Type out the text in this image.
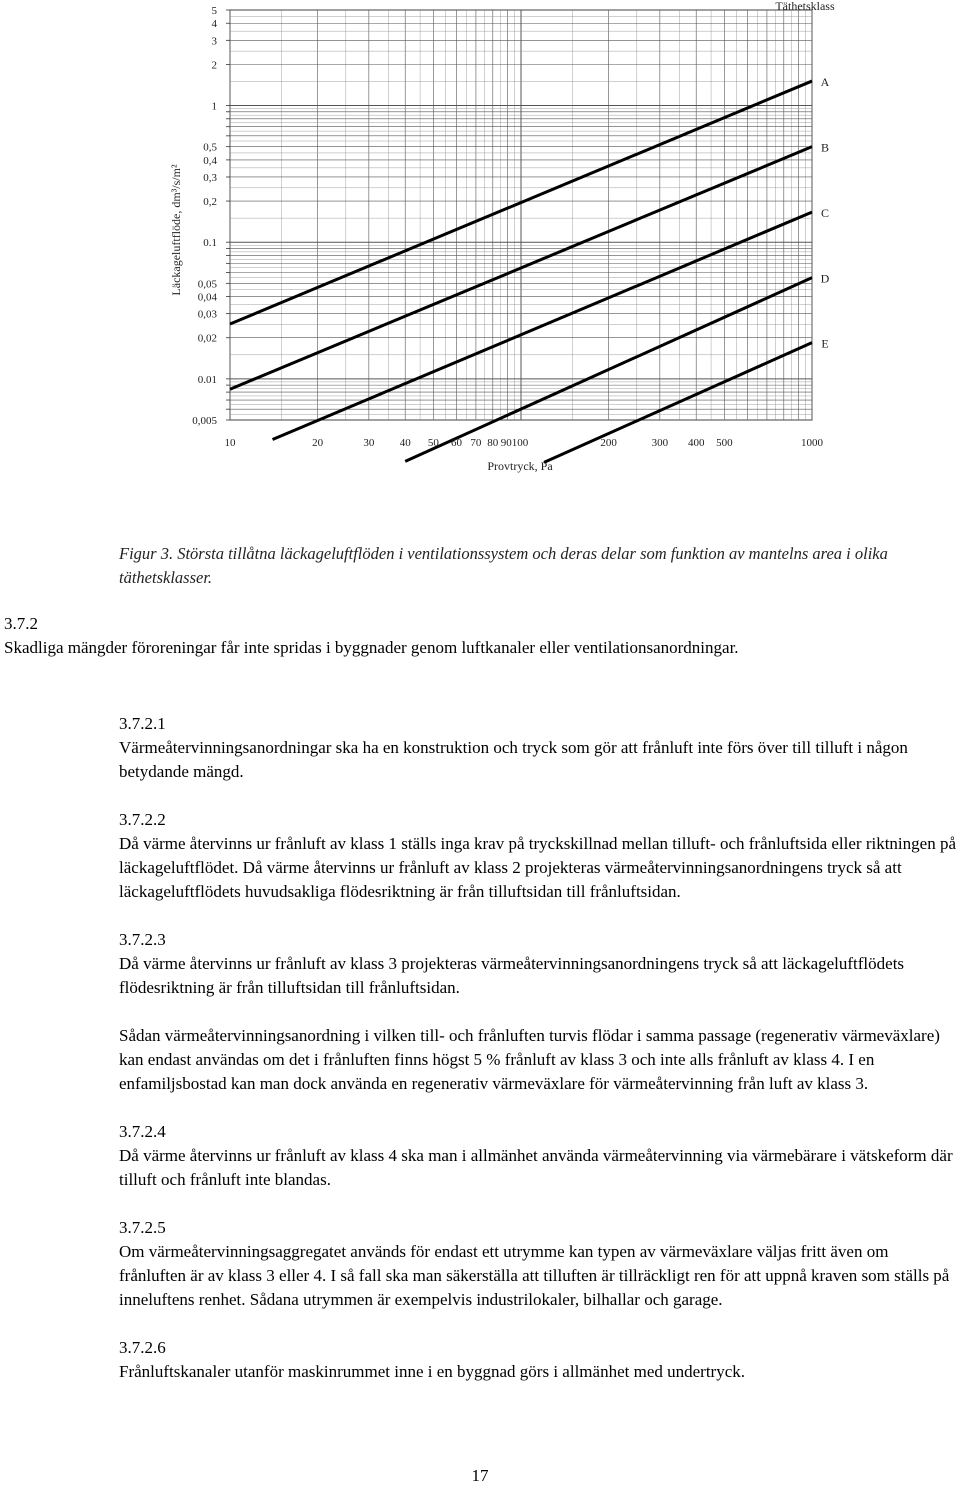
10	20	30 40 50 60 70 80 90100	200	300 400 500	1000
5
4
3
2
1
0,5
0,4
0,3
0,2
0.1
0,05
0,04
0,03
0,02
0.01
0,005
A
B
C
D
E
Provtryck, Pa
Läckageluftflöde, dm³/s/m²
Täthetsklass
Figur 3. Största tillåtna läckageluftflöden i ventilationssystem och deras delar som funktion av mantelns area i olika täthetsklasser.
3.7.2
Skadliga mängder föroreningar får inte spridas i byggnader genom luftkanaler eller ventilationsanordningar.
3.7.2.1
Värmeåtervinningsanordningar ska ha en konstruktion och tryck som gör att frånluft inte förs över till tilluft i någon betydande mängd.
3.7.2.2
Då värme återvinns ur frånluft av klass 1 ställs inga krav på tryckskillnad mellan tilluft- och frånluftsida eller riktningen på läckageluftflödet. Då värme återvinns ur frånluft av klass 2 projekteras värmeåtervinningsanordningens tryck så att läckageluftflödets huvudsakliga flödesriktning är från tilluftsidan till frånluftsidan.
3.7.2.3
Då värme återvinns ur frånluft av klass 3 projekteras värmeåtervinningsanordningens tryck så att läckageluftflödets flödesriktning är från tilluftsidan till frånluftsidan.
Sådan värmeåtervinningsanordning i vilken till- och frånluften turvis flödar i samma passage (regenerativ värmeväxlare) kan endast användas om det i frånluften finns högst 5 % frånluft av klass 3 och inte alls frånluft av klass 4. I en enfamiljsbostad kan man dock använda en regenerativ värmeväxlare för värmeåtervinning från luft av klass 3.
3.7.2.4
Då värme återvinns ur frånluft av klass 4 ska man i allmänhet använda värmeåtervinning via värmebärare i vätskeform där tilluft och frånluft inte blandas.
3.7.2.5
Om värmeåtervinningsaggregatet används för endast ett utrymme kan typen av värmeväxlare väljas fritt även om frånluften är av klass 3 eller 4. I så fall ska man säkerställa att tilluften är tillräckligt ren för att uppnå kraven som ställs på inneluftens renhet. Sådana utrymmen är exempelvis industrilokaler, bilhallar och garage.
3.7.2.6
Frånluftskanaler utanför maskinrummet inne i en byggnad görs i allmänhet med undertryck.
17
